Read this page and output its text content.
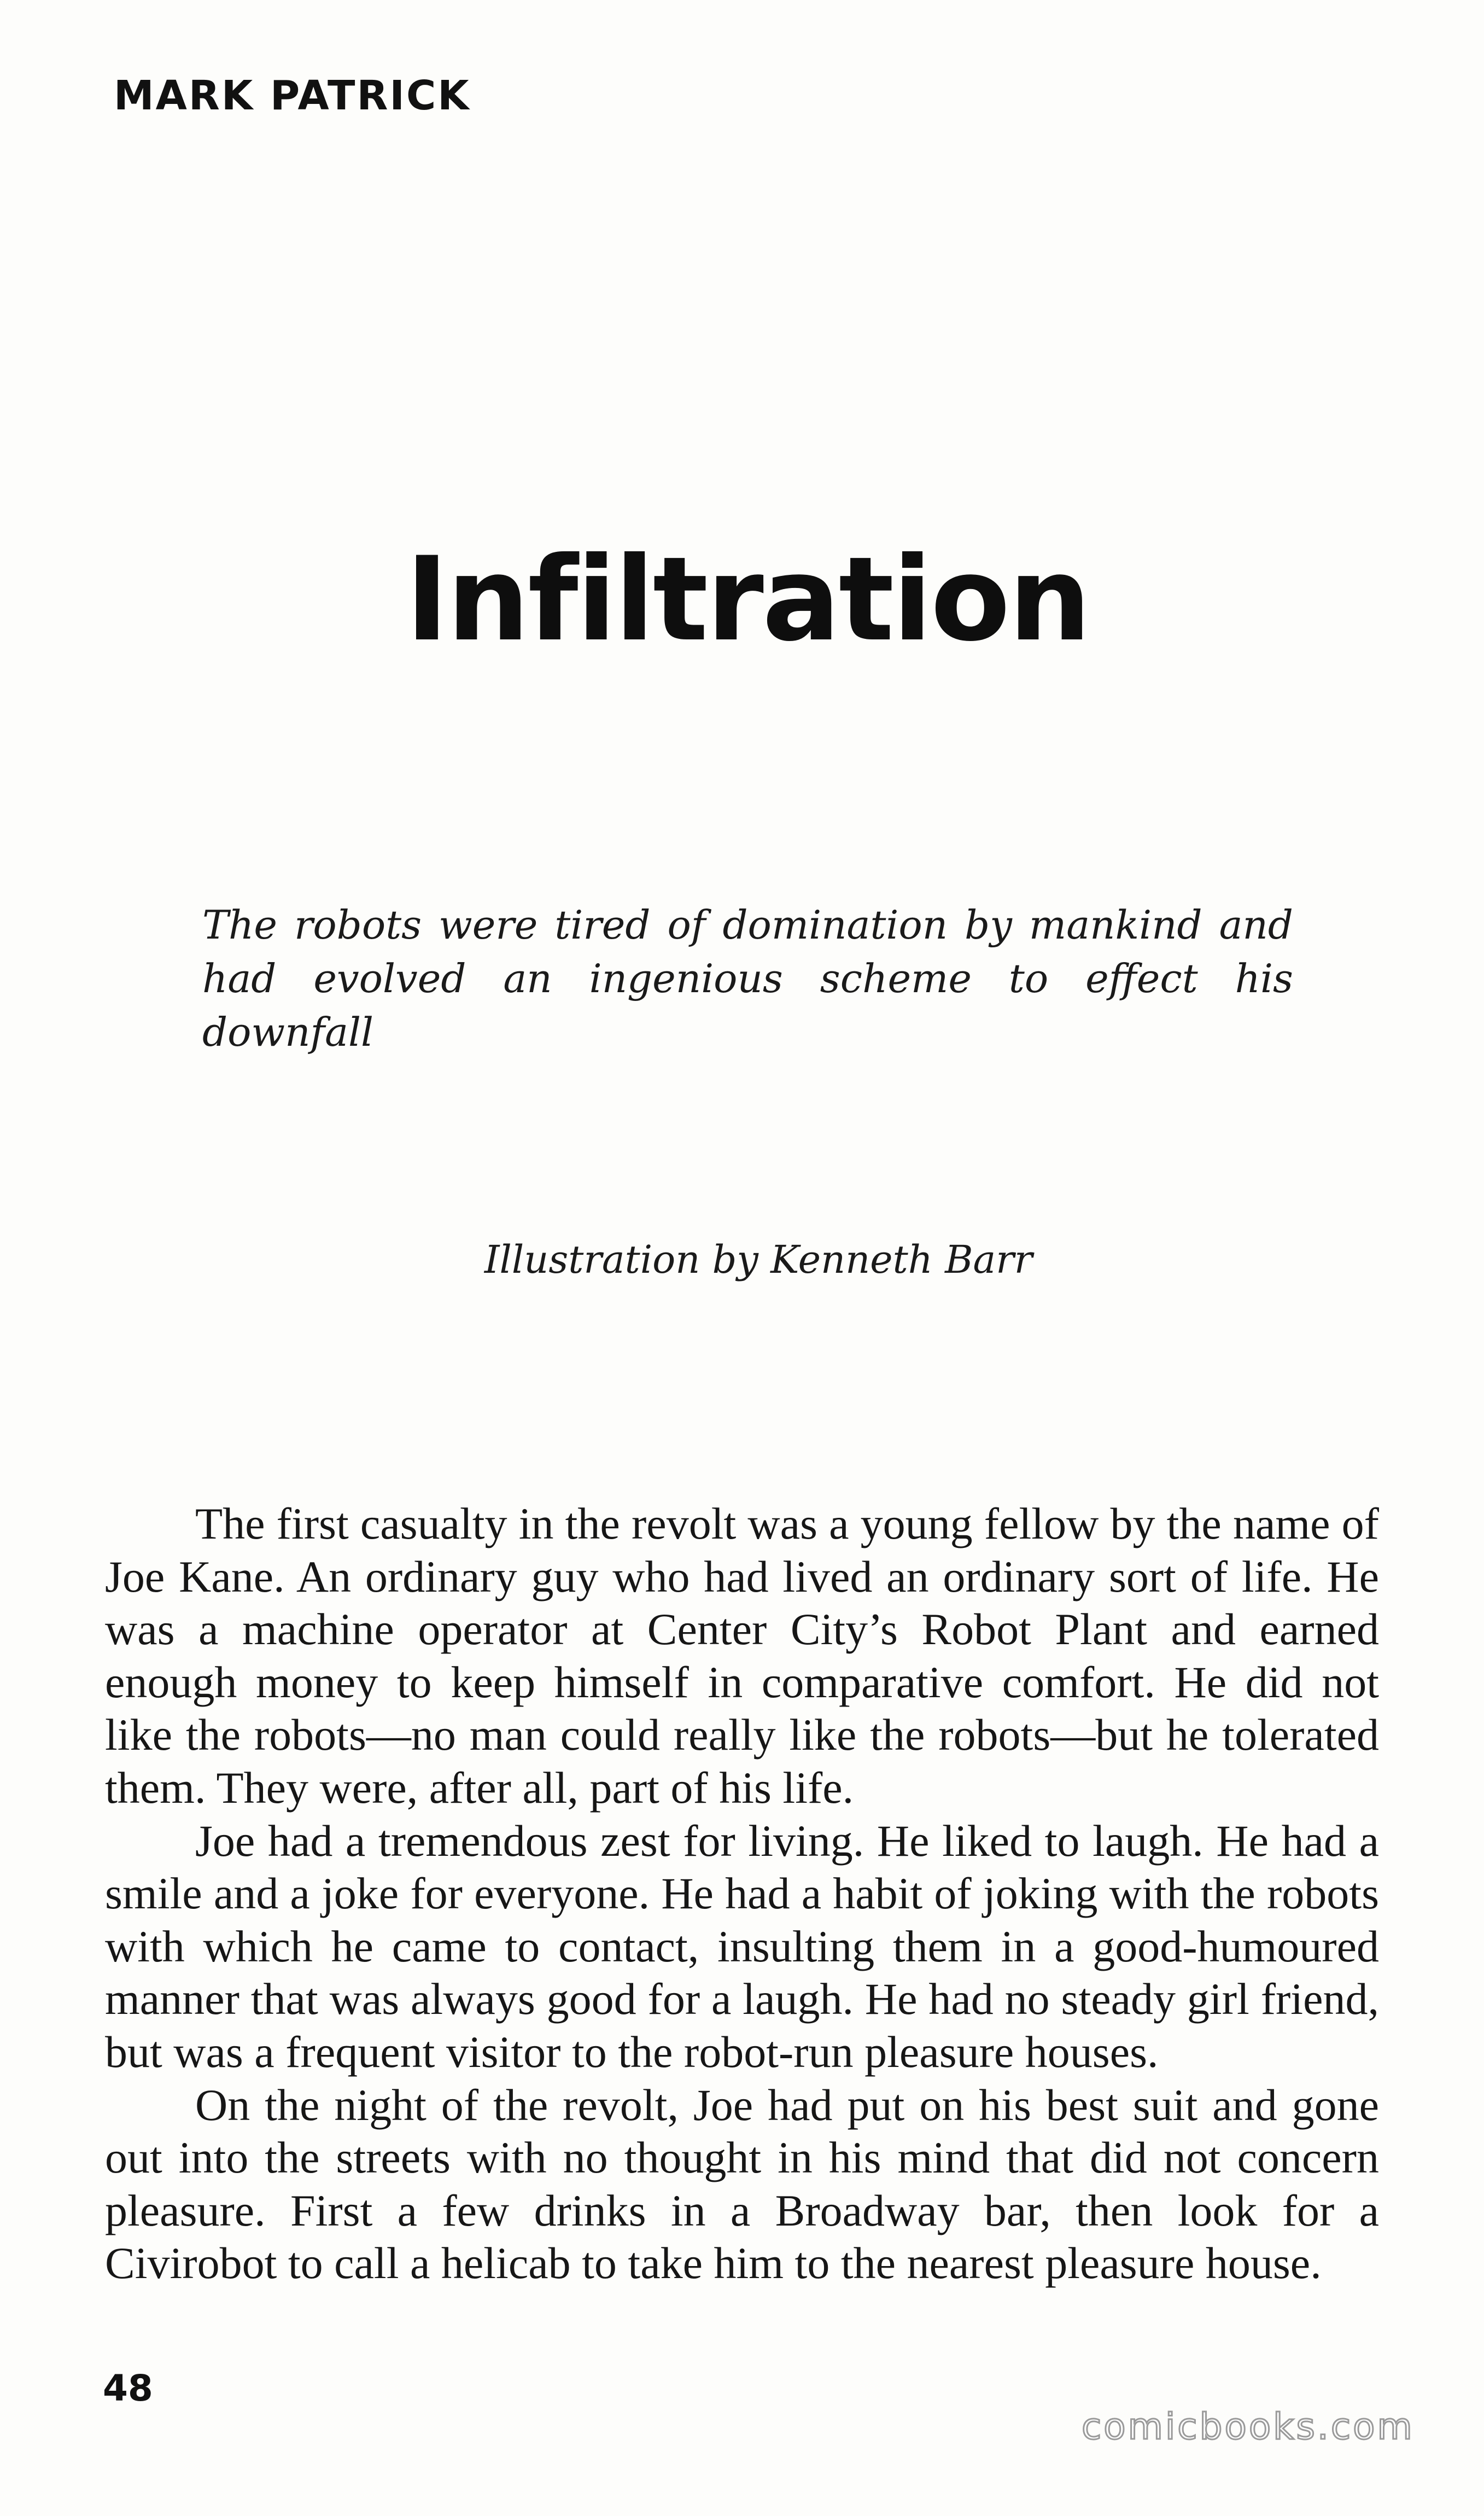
MARK PATRICK
Infiltration
The robots were tired of domination by mankind and
had evolved an ingenious scheme to effect his downfall
Illustration by Kenneth Barr

The first casualty in the revolt was a young fellow by the name of Joe Kane. An ordinary guy who had lived an ordinary sort of life. He was a machine operator at Center City’s Robot Plant and earned enough money to keep himself in comparative comfort. He did not like the robots—no man could really like the robots—but he tolerated them. They were, after all, part of his life.

Joe had a tremendous zest for living. He liked to laugh. He had a smile and a joke for everyone. He had a habit of joking with the robots with which he came to contact, insulting them in a good-humoured manner that was always good for a laugh. He had no steady girl friend, but was a frequent visitor to the robot-run pleasure houses.

On the night of the revolt, Joe had put on his best suit and gone out into the streets with no thought in his mind that did not concern pleasure. First a few drinks in a Broadway bar, then look for a Civirobot to call a helicab to take him to the nearest pleasure house.

48
comicbooks.com
